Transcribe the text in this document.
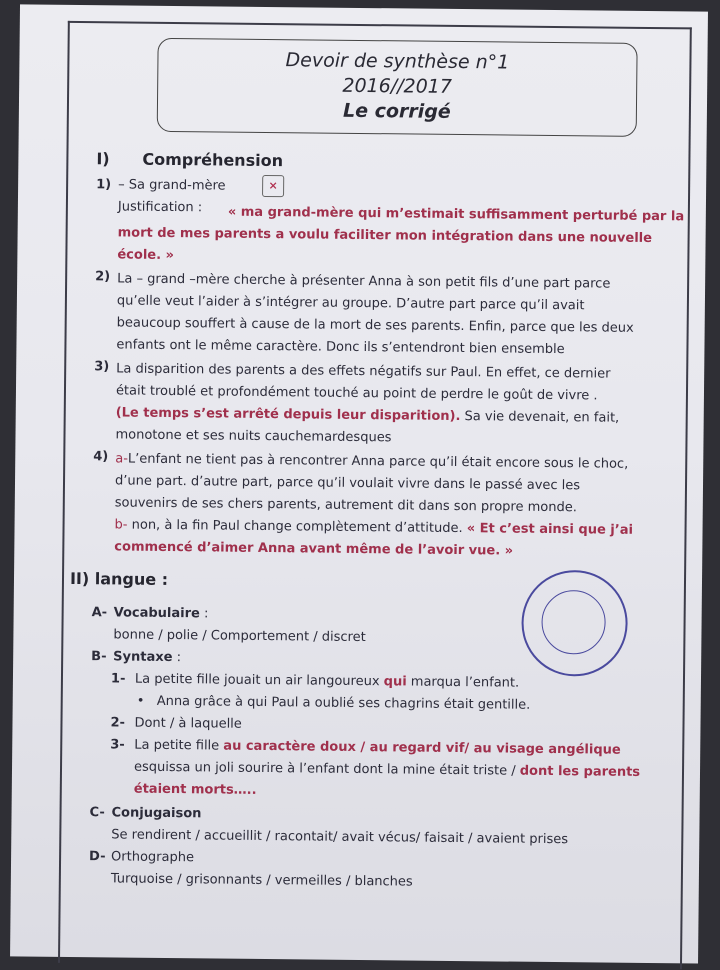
Devoir de synthèse n°1
2016//2017
Le corrigé
I) Compréhension
1) – Sa grand-mère	×
Justification : « ma grand-mère qui m’estimait suffisamment perturbé par la
mort de mes parents a voulu faciliter mon intégration dans une nouvelle
école. »
2) La – grand –mère cherche à présenter Anna à son petit fils d’une part parce
qu’elle veut l’aider à s’intégrer au groupe. D’autre part parce qu’il avait
beaucoup souffert à cause de la mort de ses parents. Enfin, parce que les deux
enfants ont le même caractère. Donc ils s’entendront bien ensemble
3) La disparition des parents a des effets négatifs sur Paul. En effet, ce dernier
était troublé et profondément touché au point de perdre le goût de vivre .
(Le temps s’est arrêté depuis leur disparition). Sa vie devenait, en fait,
monotone et ses nuits cauchemardesques
4) a-L’enfant ne tient pas à rencontrer Anna parce qu’il était encore sous le choc,
d’une part. d’autre part, parce qu’il voulait vivre dans le passé avec les
souvenirs de ses chers parents, autrement dit dans son propre monde.
b- non, à la fin Paul change complètement d’attitude. « Et c’est ainsi que j’ai
commencé d’aimer Anna avant même de l’avoir vue. »
II) langue :
A- Vocabulaire :
bonne / polie / Comportement / discret
B- Syntaxe :
1- La petite fille jouait un air langoureux qui marqua l’enfant.
• Anna grâce à qui Paul a oublié ses chagrins était gentille.
2- Dont / à laquelle
3- La petite fille au caractère doux / au regard vif/ au visage angélique
esquissa un joli sourire à l’enfant dont la mine était triste / dont les parents
étaient morts…..
C- Conjugaison
Se rendirent / accueillit / racontait/ avait vécus/ faisait / avaient prises
D- Orthographe
Turquoise / grisonnants / vermeilles / blanches
